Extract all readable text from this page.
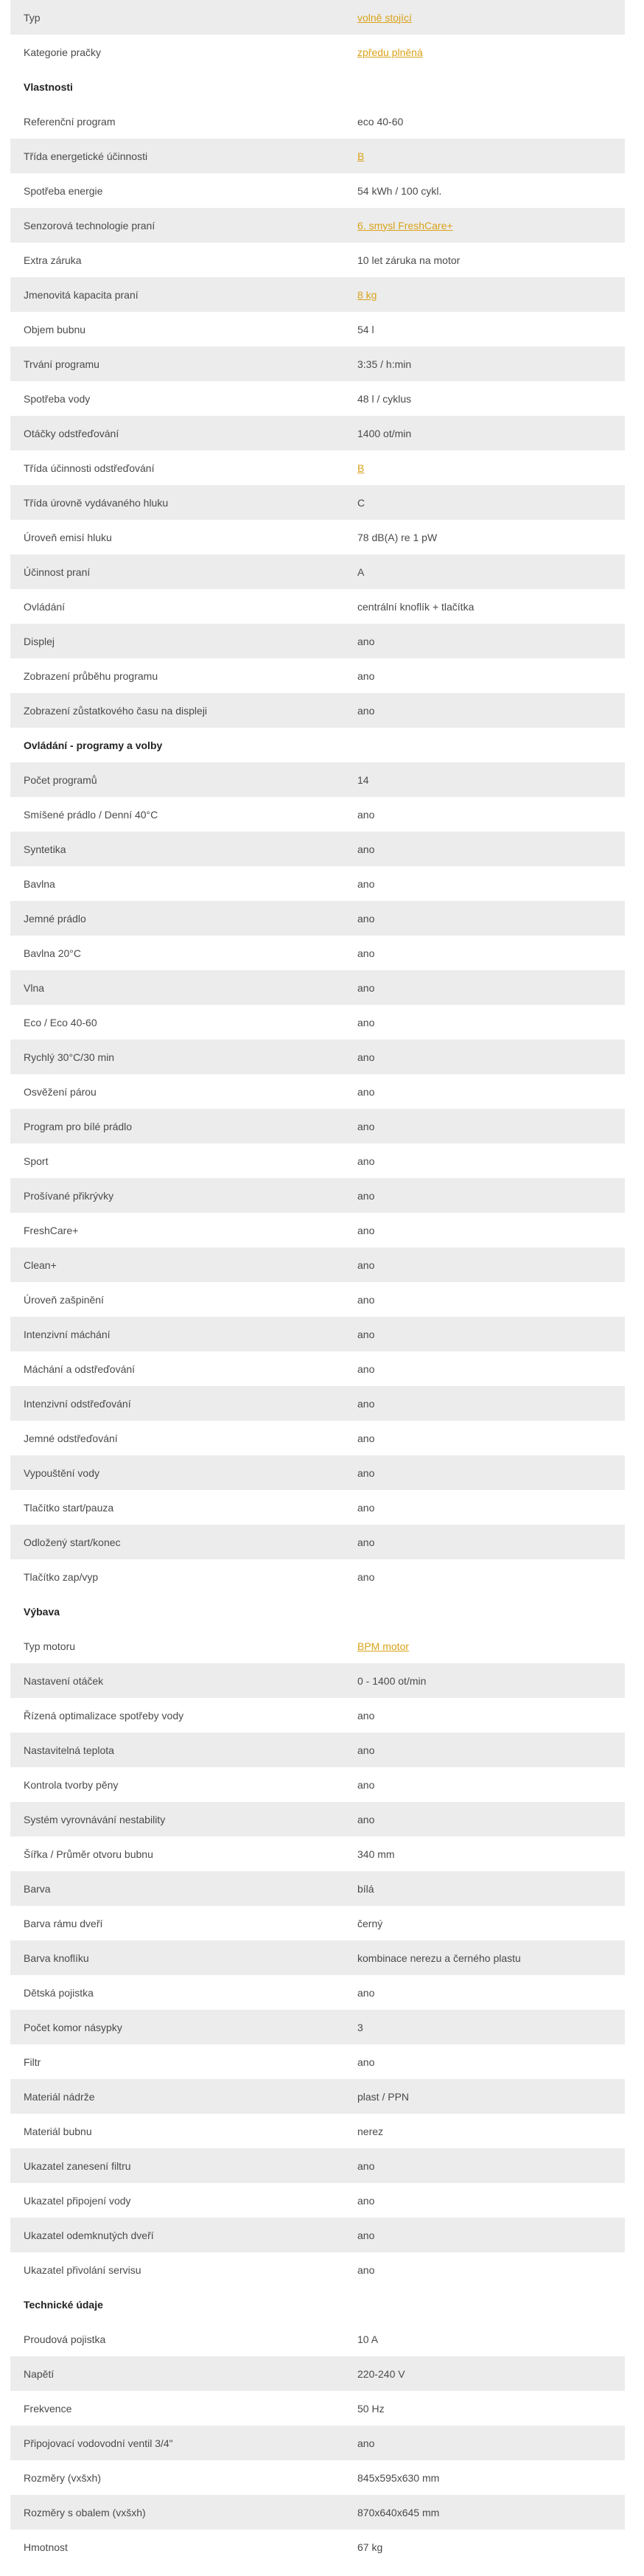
Typ	volně stojící
Kategorie pračky	zpředu plněná
Vlastnosti	
Referenční program	eco 40-60
Třída energetické účinnosti	B
Spotřeba energie	54 kWh / 100 cykl.
Senzorová technologie praní	6. smysl FreshCare+
Extra záruka	10 let záruka na motor
Jmenovitá kapacita praní	8 kg
Objem bubnu	54 l
Trvání programu	3:35 / h:min
Spotřeba vody	48 l / cyklus
Otáčky odstřeďování	1400 ot/min
Třída účinnosti odstřeďování	B
Třída úrovně vydávaného hluku	C
Úroveň emisí hluku	78 dB(A) re 1 pW
Účinnost praní	A
Ovládání	centrální knoflík + tlačítka
Displej	ano
Zobrazení průběhu programu	ano
Zobrazení zůstatkového času na displeji	ano
Ovládání - programy a volby	
Počet programů	14
Smíšené prádlo / Denní 40°C	ano
Syntetika	ano
Bavlna	ano
Jemné prádlo	ano
Bavlna 20°C	ano
Vlna	ano
Eco / Eco 40-60	ano
Rychlý 30°C/30 min	ano
Osvěžení párou	ano
Program pro bílé prádlo	ano
Sport	ano
Prošívané přikrývky	ano
FreshCare+	ano
Clean+	ano
Úroveň zašpinění	ano
Intenzivní máchání	ano
Máchání a odstřeďování	ano
Intenzivní odstřeďování	ano
Jemné odstřeďování	ano
Vypouštění vody	ano
Tlačítko start/pauza	ano
Odložený start/konec	ano
Tlačítko zap/vyp	ano
Výbava	
Typ motoru	BPM motor
Nastavení otáček	0 - 1400 ot/min
Řízená optimalizace spotřeby vody	ano
Nastavitelná teplota	ano
Kontrola tvorby pěny	ano
Systém vyrovnávání nestability	ano
Šířka / Průměr otvoru bubnu	340 mm
Barva	bílá
Barva rámu dveří	černý
Barva knoflíku	kombinace nerezu a černého plastu
Dětská pojistka	ano
Počet komor násypky	3
Filtr	ano
Materiál nádrže	plast / PPN
Materiál bubnu	nerez
Ukazatel zanesení filtru	ano
Ukazatel připojení vody	ano
Ukazatel odemknutých dveří	ano
Ukazatel přivolání servisu	ano
Technické údaje	
Proudová pojistka	10 A
Napětí	220-240 V
Frekvence	50 Hz
Připojovací vodovodní ventil 3/4"	ano
Rozměry (vxšxh)	845x595x630 mm
Rozměry s obalem (vxšxh)	870x640x645 mm
Hmotnost	67 kg
